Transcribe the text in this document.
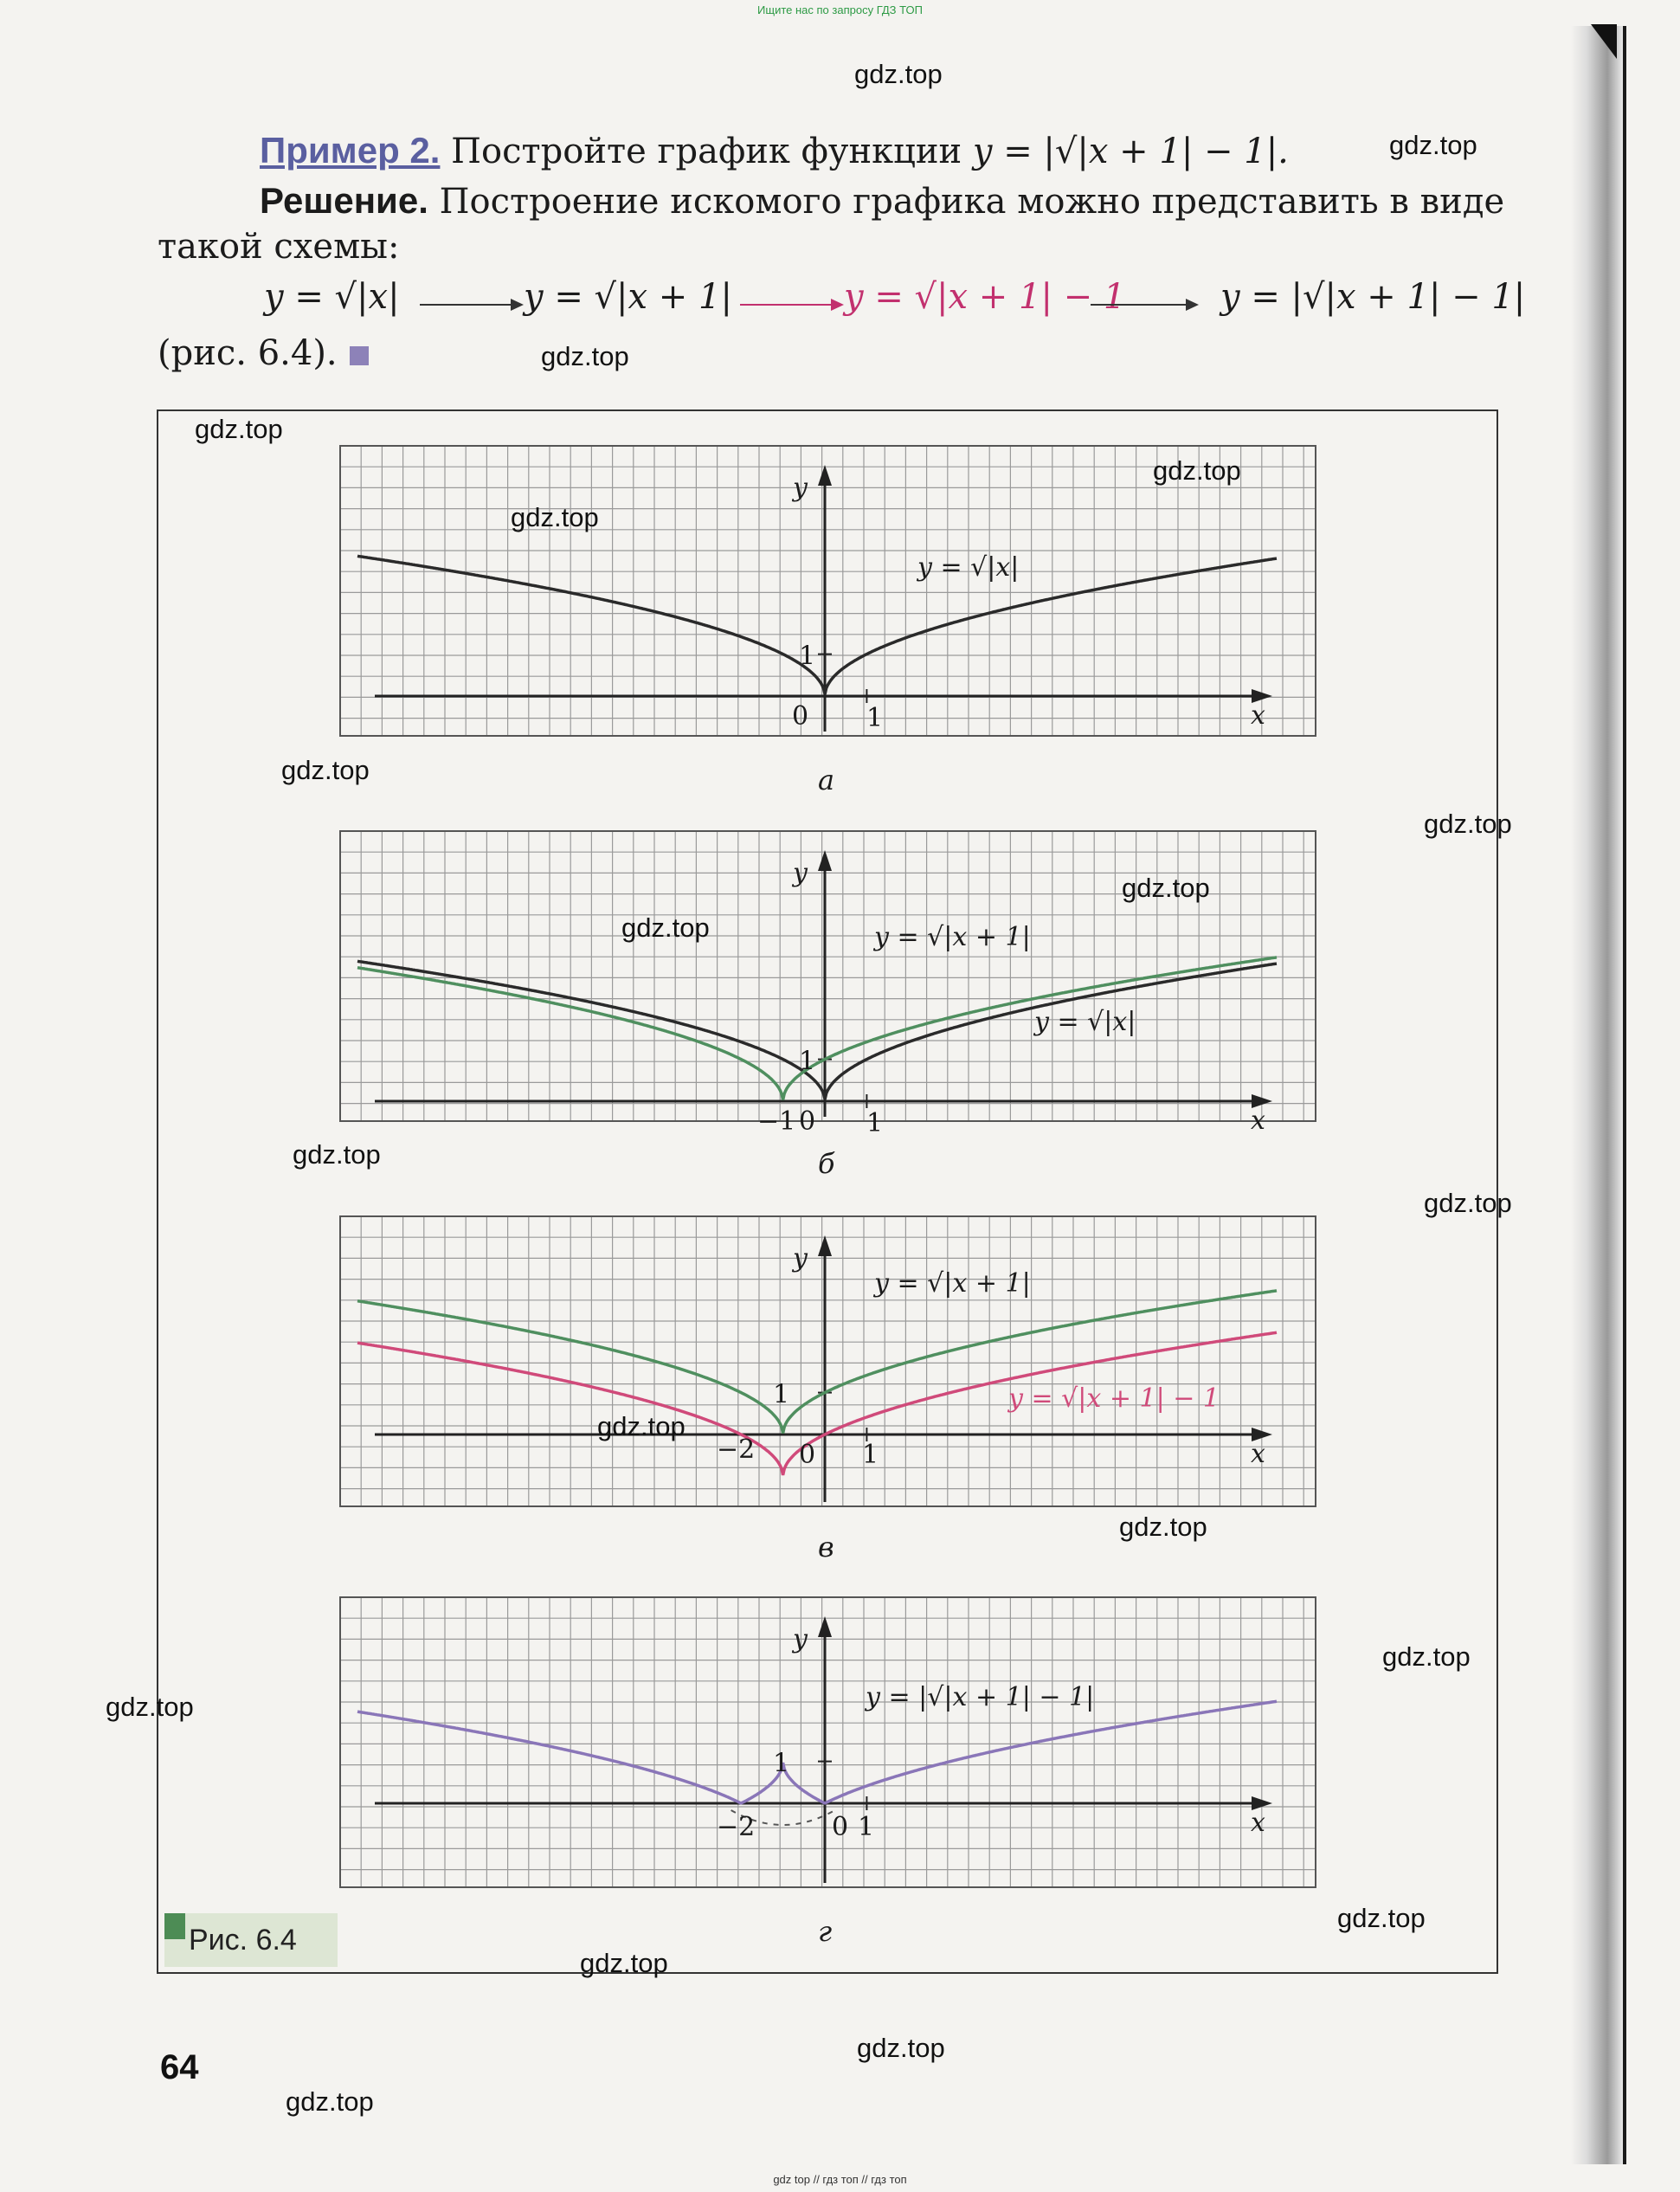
Ищите нас по запросу ГДЗ ТОП
Пример 2. Постройте график функции y = |√|x + 1| − 1|.
Решение. Построение искомого графика можно представить в виде
такой схемы:
y = √|x|	y = √|x + 1|	y = √|x + 1| − 1	y = |√|x + 1| − 1|
(рис. 6.4).
x
y
x
y
x
y
x
y
0 1
1
y = √|x|
−1 0 1
1
y = √|x + 1|
y = √|x|
−2 0 1
1
y = √|x + 1|
y = √|x + 1| − 1
−2	0 1
1
y = |√|x + 1| − 1|
а
б
в
г
Рис. 6.4
64
gdz.top
gdz.top
gdz.top
gdz.top
gdz.top
gdz.top
gdz.top
gdz.top
gdz.top
gdz.top
gdz.top
gdz.top
gdz.top
gdz.top
gdz.top
gdz.top
gdz.top
gdz.top
gdz.top
gdz.top
gdz top // гдз топ // гдз топ
